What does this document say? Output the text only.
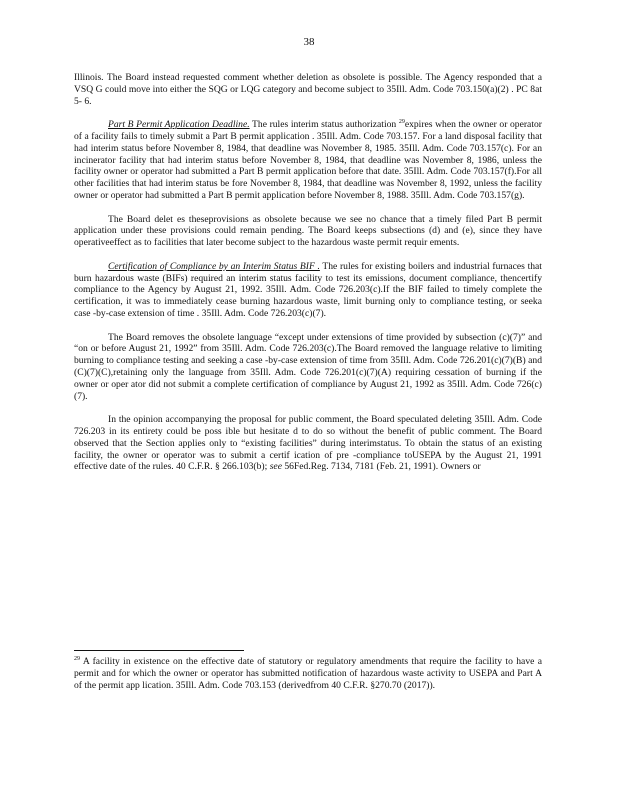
38

Illinois. The Board instead requested comment whether deletion as obsolete is possible. The Agency responded that a VSQ G could move into either the SQG or LQG category and become subject to 35Ill. Adm. Code 703.150(a)(2) . PC 8at 5- 6.

Part B Permit Application Deadline. The rules interim status authorization $^{29}$expires when the owner or operator of a facility fails to timely submit a Part B permit application . 35Ill. Adm. Code 703.157. For a land disposal facility that had interim status before November 8, 1984, that deadline was November 8, 1985. 35Ill. Adm. Code 703.157(c). For an incinerator facility that had interim status before November 8, 1984, that deadline was November 8, 1986, unless the facility owner or operator had submitted a Part B permit application before that date. 35Ill. Adm. Code 703.157(f).For all other facilities that had interim status be fore November 8, 1984, that deadline was November 8, 1992, unless the facility owner or operator had submitted a Part B permit application before November 8, 1988. 35Ill. Adm. Code 703.157(g).

The Board delet es theseprovisions as obsolete because we see no chance that a timely filed Part B permit application under these provisions could remain pending. The Board keeps subsections (d) and (e), since they have operativeeffect as to facilities that later become subject to the hazardous waste permit requir ements.

Certification of Compliance by an Interim Status BIF . The rules for existing boilers and industrial furnaces that burn hazardous waste (BIFs) required an interim status facility to test its emissions, document compliance, thencertify compliance to the Agency by August 21, 1992. 35Ill. Adm. Code 726.203(c).If the BIF failed to timely complete the certification, it was to immediately cease burning hazardous waste, limit burning only to compliance testing, or seeka case -by-case extension of time . 35Ill. Adm. Code 726.203(c)(7).

The Board removes the obsolete language “except under extensions of time provided by subsection (c)(7)” and “on or before August 21, 1992” from 35Ill. Adm. Code 726.203(c).The Board removed the language relative to limiting burning to compliance testing and seeking a case -by-case extension of time from 35Ill. Adm. Code 726.201(c)(7)(B) and (C)(7)(C),retaining only the language from 35Ill. Adm. Code 726.201(c)(7)(A) requiring cessation of burning if the owner or oper ator did not submit a complete certification of compliance by August 21, 1992 as 35Ill. Adm. Code 726(c)(7).

In the opinion accompanying the proposal for public comment, the Board speculated deleting 35Ill. Adm. Code 726.203 in its entirety could be poss ible but hesitate d to do so without the benefit of public comment. The Board observed that the Section applies only to “existing facilities” during interimstatus. To obtain the status of an existing facility, the owner or operator was to submit a certif ication of pre -compliance toUSEPA by the August 21, 1991 effective date of the rules. 40 C.F.R. § 266.103(b); see 56Fed.Reg. 7134, 7181 (Feb. 21, 1991). Owners or

$^{29}$ A facility in existence on the effective date of statutory or regulatory amendments that require the facility to have a permit and for which the owner or operator has submitted notification of hazardous waste activity to USEPA and Part A of the permit app lication. 35Ill. Adm. Code 703.153 (derivedfrom 40 C.F.R. §270.70 (2017)).
